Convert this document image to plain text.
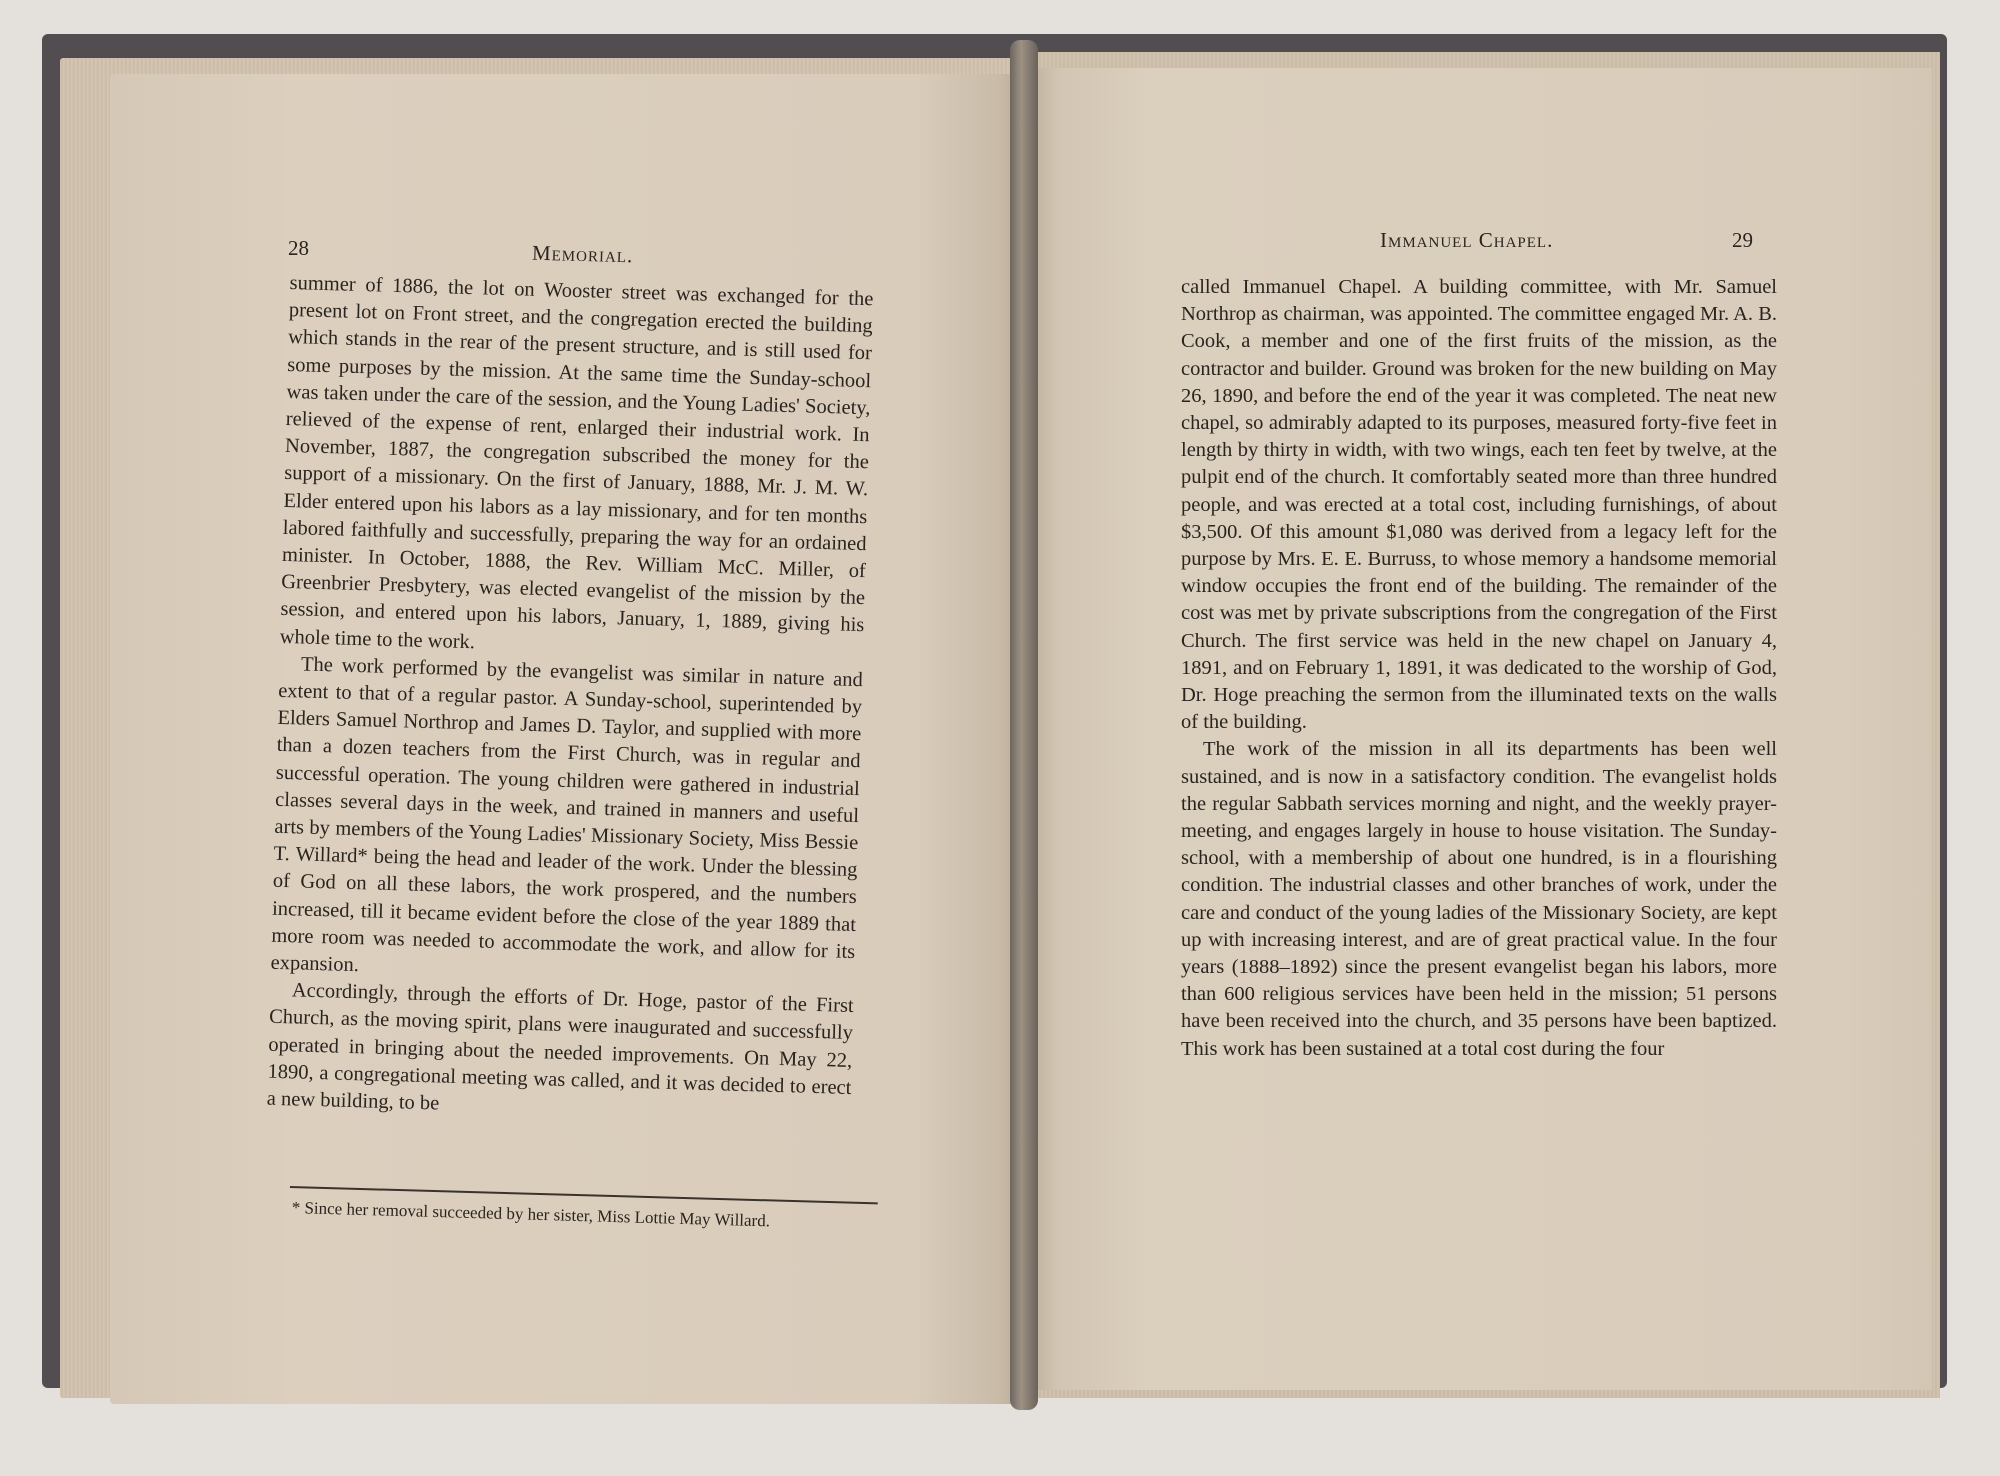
28	Memorial.

summer of 1886, the lot on Wooster street was exchanged for the present lot on Front street, and the congregation erected the building which stands in the rear of the present structure, and is still used for some purposes by the mission. At the same time the Sunday-school was taken under the care of the session, and the Young Ladies' Society, relieved of the expense of rent, enlarged their industrial work. In November, 1887, the congregation subscribed the money for the support of a missionary. On the first of January, 1888, Mr. J. M. W. Elder entered upon his labors as a lay missionary, and for ten months labored faithfully and successfully, preparing the way for an ordained minister. In October, 1888, the Rev. William McC. Miller, of Greenbrier Presbytery, was elected evangelist of the mission by the session, and entered upon his labors, January, 1, 1889, giving his whole time to the work.

The work performed by the evangelist was similar in nature and extent to that of a regular pastor. A Sunday-school, superintended by Elders Samuel Northrop and James D. Taylor, and supplied with more than a dozen teachers from the First Church, was in regular and successful operation. The young children were gathered in industrial classes several days in the week, and trained in manners and useful arts by members of the Young Ladies' Missionary Society, Miss Bessie T. Willard* being the head and leader of the work. Under the blessing of God on all these labors, the work prospered, and the numbers increased, till it became evident before the close of the year 1889 that more room was needed to accommodate the work, and allow for its expansion.

Accordingly, through the efforts of Dr. Hoge, pastor of the First Church, as the moving spirit, plans were inaugurated and successfully operated in bringing about the needed improvements. On May 22, 1890, a congregational meeting was called, and it was decided to erect a new building, to be

* Since her removal succeeded by her sister, Miss Lottie May Willard.
Immanuel Chapel.	29

called Immanuel Chapel. A building committee, with Mr. Samuel Northrop as chairman, was appointed. The committee engaged Mr. A. B. Cook, a member and one of the first fruits of the mission, as the contractor and builder. Ground was broken for the new building on May 26, 1890, and before the end of the year it was completed. The neat new chapel, so admirably adapted to its purposes, measured forty-five feet in length by thirty in width, with two wings, each ten feet by twelve, at the pulpit end of the church. It comfortably seated more than three hundred people, and was erected at a total cost, including furnishings, of about $3,500. Of this amount $1,080 was derived from a legacy left for the purpose by Mrs. E. E. Burruss, to whose memory a handsome memorial window occupies the front end of the building. The remainder of the cost was met by private subscriptions from the congregation of the First Church. The first service was held in the new chapel on January 4, 1891, and on February 1, 1891, it was dedicated to the worship of God, Dr. Hoge preaching the sermon from the illuminated texts on the walls of the building.

The work of the mission in all its departments has been well sustained, and is now in a satisfactory condition. The evangelist holds the regular Sabbath services morning and night, and the weekly prayer-meeting, and engages largely in house to house visitation. The Sunday-school, with a membership of about one hundred, is in a flourishing condition. The industrial classes and other branches of work, under the care and conduct of the young ladies of the Missionary Society, are kept up with increasing interest, and are of great practical value. In the four years (1888–1892) since the present evangelist began his labors, more than 600 religious services have been held in the mission; 51 persons have been received into the church, and 35 persons have been baptized. This work has been sustained at a total cost during the four
